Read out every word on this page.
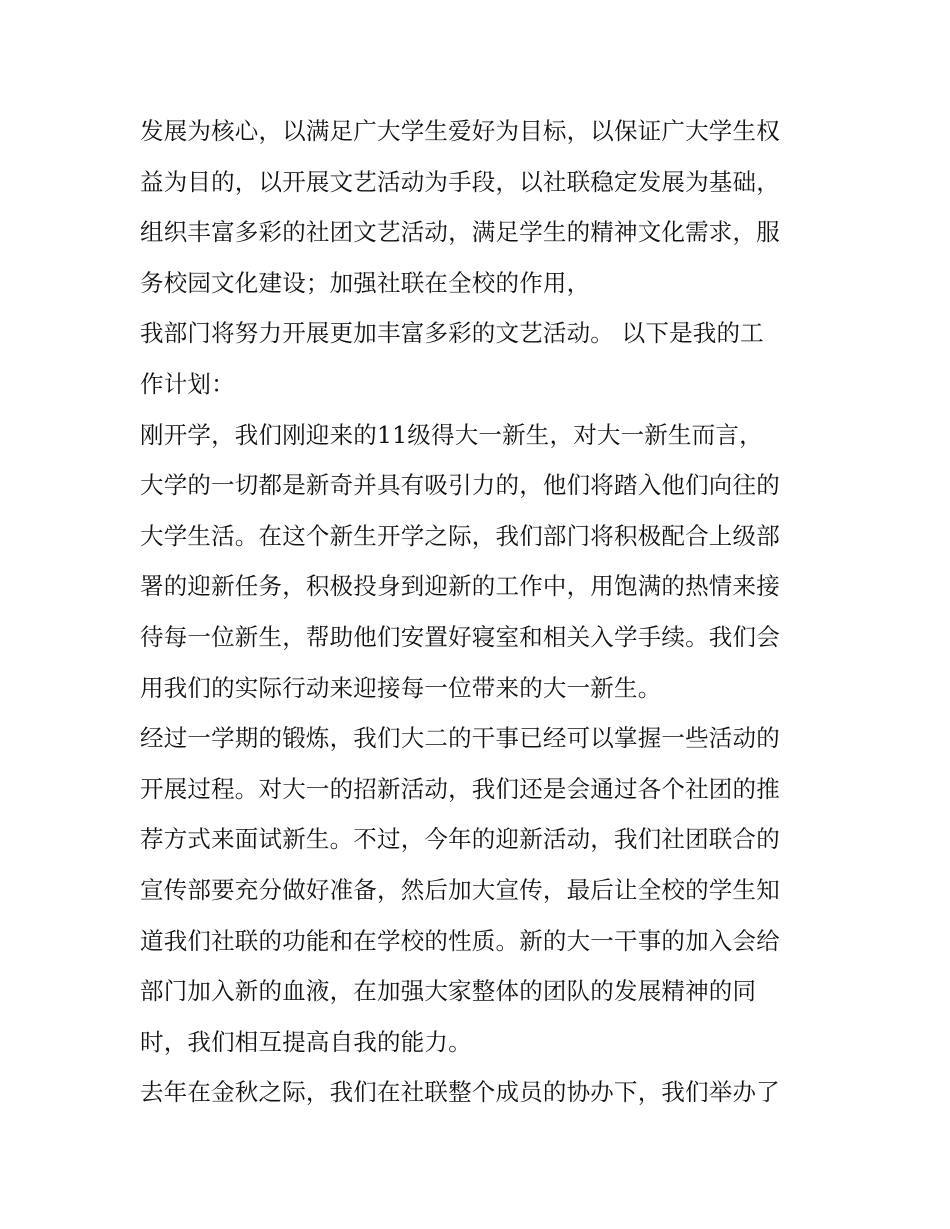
发展为核心，以满足广大学生爱好为目标，以保证广大学生权
益为目的，以开展文艺活动为手段，以社联稳定发展为基础，
组织丰富多彩的社团文艺活动，满足学生的精神文化需求，服
务校园文化建设；加强社联在全校的作用，
我部门将努力开展更加丰富多彩的文艺活动。 以下是我的工
作计划：
刚开学，我们刚迎来的11级得大一新生，对大一新生而言，
大学的一切都是新奇并具有吸引力的，他们将踏入他们向往的
大学生活。在这个新生开学之际，我们部门将积极配合上级部
署的迎新任务，积极投身到迎新的工作中，用饱满的热情来接
待每一位新生，帮助他们安置好寝室和相关入学手续。我们会
用我们的实际行动来迎接每一位带来的大一新生。
经过一学期的锻炼，我们大二的干事已经可以掌握一些活动的
开展过程。对大一的招新活动，我们还是会通过各个社团的推
荐方式来面试新生。不过，今年的迎新活动，我们社团联合的
宣传部要充分做好准备，然后加大宣传，最后让全校的学生知
道我们社联的功能和在学校的性质。新的大一干事的加入会给
部门加入新的血液，在加强大家整体的团队的发展精神的同
时，我们相互提高自我的能力。
去年在金秋之际，我们在社联整个成员的协办下，我们举办了
